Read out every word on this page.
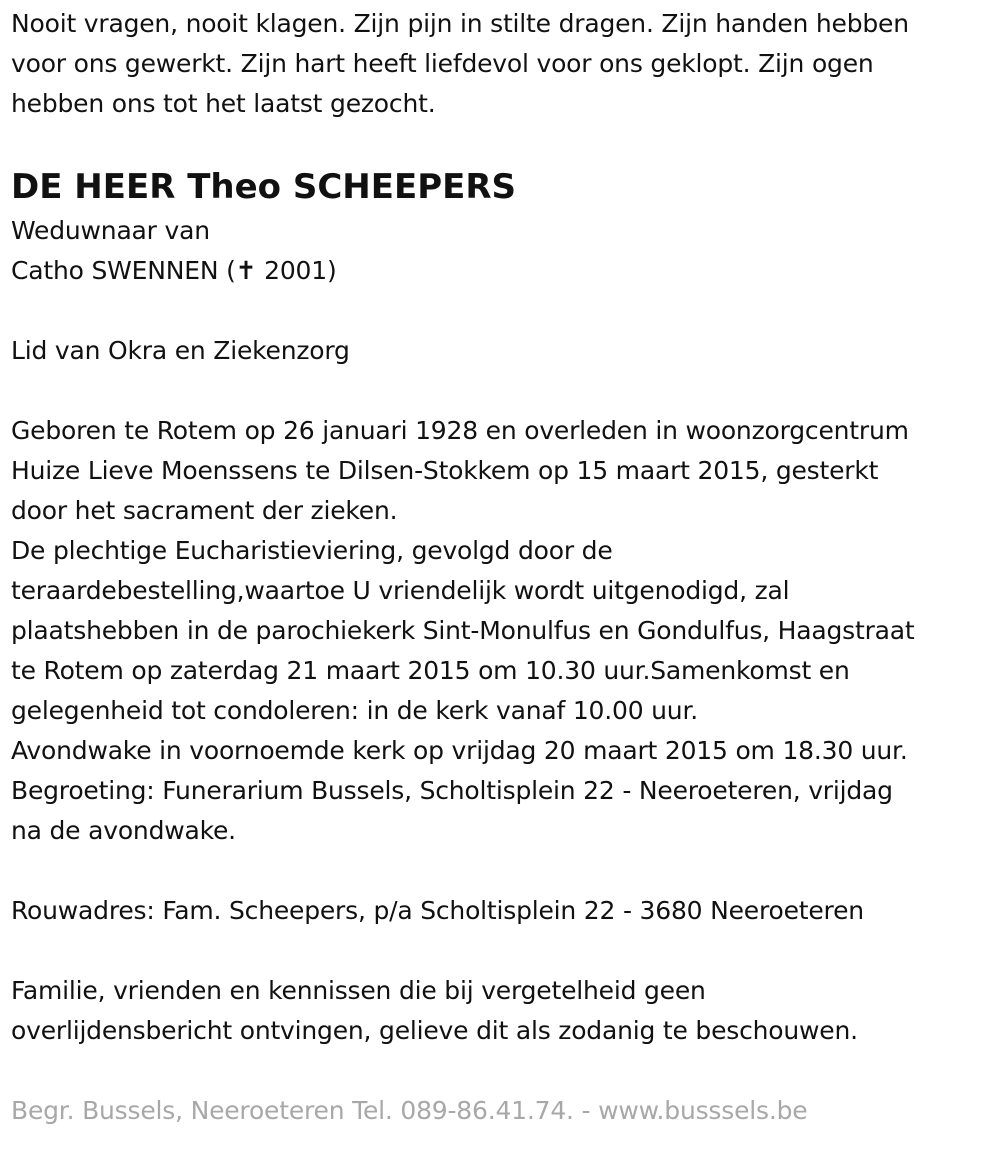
Nooit vragen, nooit klagen. Zijn pijn in stilte dragen. Zijn handen hebben
voor ons gewerkt. Zijn hart heeft liefdevol voor ons geklopt. Zijn ogen
hebben ons tot het laatst gezocht.
DE HEER Theo SCHEEPERS
Weduwnaar van
Catho SWENNEN (✝ 2001)
Lid van Okra en Ziekenzorg
Geboren te Rotem op 26 januari 1928 en overleden in woonzorgcentrum
Huize Lieve Moenssens te Dilsen-Stokkem op 15 maart 2015, gesterkt
door het sacrament der zieken.
De plechtige Eucharistieviering, gevolgd door de
teraardebestelling,waartoe U vriendelijk wordt uitgenodigd, zal
plaatshebben in de parochiekerk Sint-Monulfus en Gondulfus, Haagstraat
te Rotem op zaterdag 21 maart 2015 om 10.30 uur.Samenkomst en
gelegenheid tot condoleren: in de kerk vanaf 10.00 uur.
Avondwake in voornoemde kerk op vrijdag 20 maart 2015 om 18.30 uur.
Begroeting: Funerarium Bussels, Scholtisplein 22 - Neeroeteren, vrijdag
na de avondwake.
Rouwadres: Fam. Scheepers, p/a Scholtisplein 22 - 3680 Neeroeteren
Familie, vrienden en kennissen die bij vergetelheid geen
overlijdensbericht ontvingen, gelieve dit als zodanig te beschouwen.
Begr. Bussels, Neeroeteren Tel. 089-86.41.74. - www.busssels.be
